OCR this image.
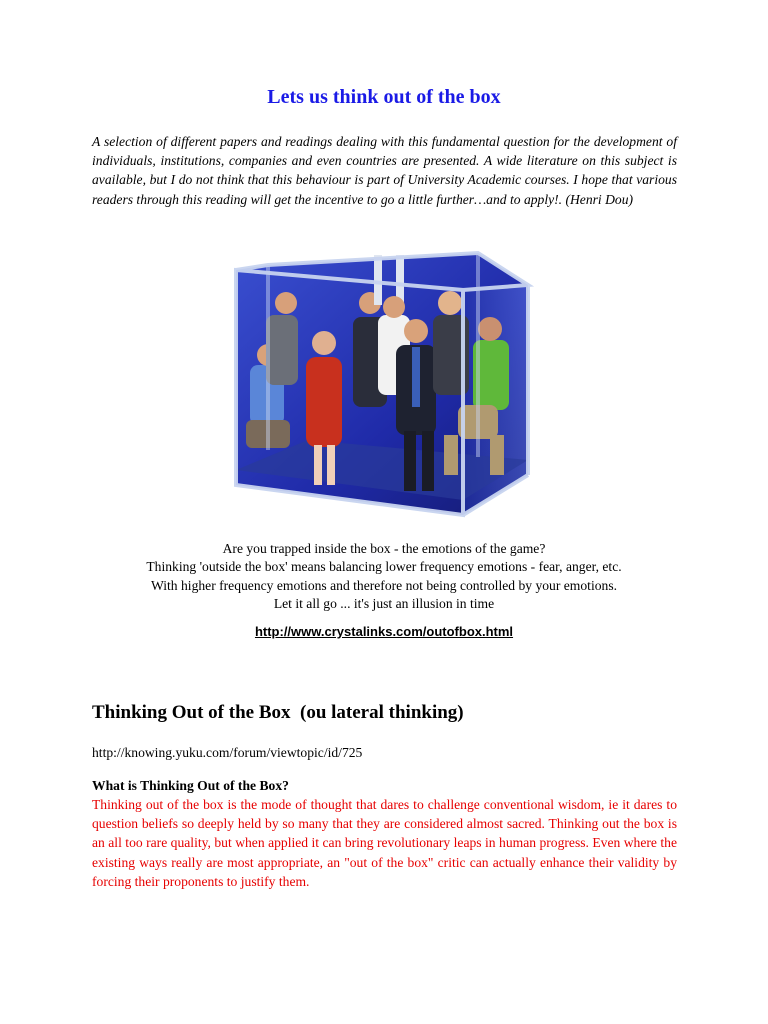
Lets us think out of the box
A selection of different papers and readings dealing with this fundamental question for the development of individuals, institutions, companies and even countries are presented. A wide literature on this subject is available, but I do not think that this behaviour is part of University Academic courses. I hope that various readers through this reading will get the incentive to go a little further…and to apply!. (Henri Dou)
Are you trapped inside the box - the emotions of the game?
Thinking 'outside the box' means balancing lower frequency emotions - fear, anger, etc.
With higher frequency emotions and therefore not being controlled by your emotions.
Let it all go ... it's just an illusion in time
http://www.crystalinks.com/outofbox.html
Thinking Out of the Box  (ou lateral thinking)
http://knowing.yuku.com/forum/viewtopic/id/725
What is Thinking Out of the Box?
Thinking out of the box is the mode of thought that dares to challenge conventional wisdom, ie it dares to question beliefs so deeply held by so many that they are considered almost sacred. Thinking out the box is an all too rare quality, but when applied it can bring revolutionary leaps in human progress. Even where the existing ways really are most appropriate, an "out of the box" critic can actually enhance their validity by forcing their proponents to justify them.
